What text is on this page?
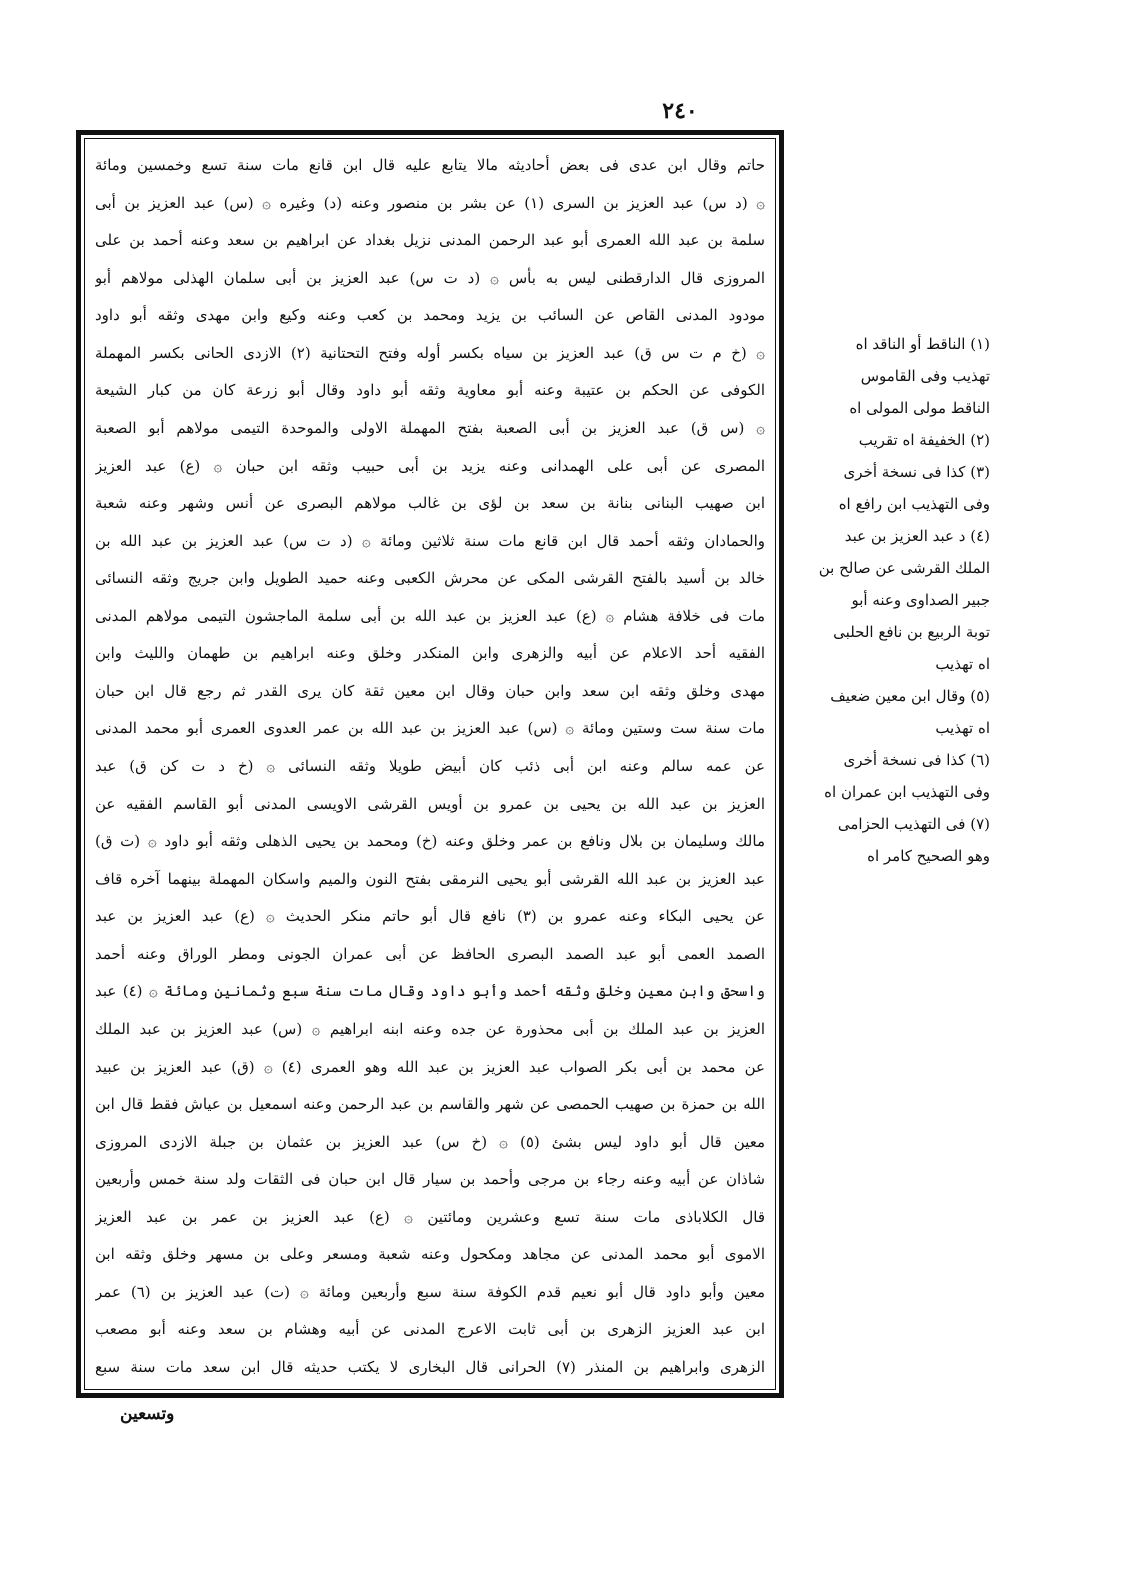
٢٤٠
حاتم وقال ابن عدى فى بعض أحاديثه مالا يتابع عليه قال ابن قانع مات سنة تسع وخمسين ومائة
۞ (د س) عبد العزيز بن السرى (١) عن بشر بن منصور وعنه (د) وغيره ۞ (س) عبد العزيز بن أبى
سلمة بن عبد الله العمرى أبو عبد الرحمن المدنى نزيل بغداد عن ابراهيم بن سعد وعنه أحمد بن على
المروزى قال الدارقطنى ليس به بأس ۞ (د ت س) عبد العزيز بن أبى سلمان الهذلى مولاهم أبو
مودود المدنى القاص عن السائب بن يزيد ومحمد بن كعب وعنه وكيع وابن مهدى وثقه أبو داود
۞ (خ م ت س ق) عبد العزيز بن سياه بكسر أوله وفتح التحتانية (٢) الازدى الحانى بكسر المهملة
الكوفى عن الحكم بن عتيبة وعنه أبو معاوية وثقه أبو داود وقال أبو زرعة كان من كبار الشيعة
۞ (س ق) عبد العزيز بن أبى الصعبة بفتح المهملة الاولى والموحدة التيمى مولاهم أبو الصعبة
المصرى عن أبى على الهمدانى وعنه يزيد بن أبى حبيب وثقه ابن حبان ۞ (ع) عبد العزيز
ابن صهيب البنانى بنانة بن سعد بن لؤى بن غالب مولاهم البصرى عن أنس وشهر وعنه شعبة
والحمادان وثقه أحمد قال ابن قانع مات سنة ثلاثين ومائة ۞ (د ت س) عبد العزيز بن عبد الله بن
خالد بن أسيد بالفتح القرشى المكى عن محرش الكعبى وعنه حميد الطويل وابن جريج وثقه النسائى
مات فى خلافة هشام ۞ (ع) عبد العزيز بن عبد الله بن أبى سلمة الماجشون التيمى مولاهم المدنى
الفقيه أحد الاعلام عن أبيه والزهرى وابن المنكدر وخلق وعنه ابراهيم بن طهمان والليث وابن
مهدى وخلق وثقه ابن سعد وابن حبان وقال ابن معين ثقة كان يرى القدر ثم رجع قال ابن حبان
مات سنة ست وستين ومائة ۞ (س) عبد العزيز بن عبد الله بن عمر العدوى العمرى أبو محمد المدنى
عن عمه سالم وعنه ابن أبى ذئب كان أبيض طويلا وثقه النسائى ۞ (خ د ت كن ق) عبد
العزيز بن عبد الله بن يحيى بن عمرو بن أويس القرشى الاويسى المدنى أبو القاسم الفقيه عن
مالك وسليمان بن بلال ونافع بن عمر وخلق وعنه (خ) ومحمد بن يحيى الذهلى وثقه أبو داود ۞ (ت ق)
عبد العزيز بن عبد الله القرشى أبو يحيى النرمقى بفتح النون والميم واسكان المهملة بينهما آخره قاف
عن يحيى البكاء وعنه عمرو بن (٣) نافع قال أبو حاتم منكر الحديث ۞ (ع) عبد العزيز بن عبد
الصمد العمى أبو عبد الصمد البصرى الحافظ عن أبى عمران الجونى ومطر الوراق وعنه أحمد
واسحق وابن معين وخلق وثقه أحمد وأبو داود وقال مات سنة سبع وثمانين ومائة ۞ (٤) عبد
العزيز بن عبد الملك بن أبى محذورة عن جده وعنه ابنه ابراهيم ۞ (س) عبد العزيز بن عبد الملك
عن محمد بن أبى بكر الصواب عبد العزيز بن عبد الله وهو العمرى (٤) ۞ (ق) عبد العزيز بن عبيد
الله بن حمزة بن صهيب الحمصى عن شهر والقاسم بن عبد الرحمن وعنه اسمعيل بن عياش فقط قال ابن
معين قال أبو داود ليس بشئ (٥) ۞ (خ س) عبد العزيز بن عثمان بن جبلة الازدى المروزى
شاذان عن أبيه وعنه رجاء بن مرجى وأحمد بن سيار قال ابن حبان فى الثقات ولد سنة خمس وأربعين
قال الكلاباذى مات سنة تسع وعشرين ومائتين ۞ (ع) عبد العزيز بن عمر بن عبد العزيز
الاموى أبو محمد المدنى عن مجاهد ومكحول وعنه شعبة ومسعر وعلى بن مسهر وخلق وثقه ابن
معين وأبو داود قال أبو نعيم قدم الكوفة سنة سبع وأربعين ومائة ۞ (ت) عبد العزيز بن (٦) عمر
ابن عبد العزيز الزهرى بن أبى ثابت الاعرج المدنى عن أبيه وهشام بن سعد وعنه أبو مصعب
الزهرى وابراهيم بن المنذر (٧) الحرانى قال البخارى لا يكتب حديثه قال ابن سعد مات سنة سبع
وتسعين
(١) الناقط أو الناقد اه
تهذيب وفى القاموس
الناقط مولى المولى اه
(٢) الخفيفة اه تقريب
(٣) كذا فى نسخة أخرى
وفى التهذيب ابن رافع اه
(٤) د عبد العزيز بن عبد
الملك القرشى عن صالح بن
جبير الصداوى وعنه أبو
توبة الربيع بن نافع الحلبى
اه تهذيب
(٥) وقال ابن معين ضعيف
اه تهذيب
(٦) كذا فى نسخة أخرى
وفى التهذيب ابن عمران اه
(٧) فى التهذيب الحزامى
وهو الصحيح كامر اه
